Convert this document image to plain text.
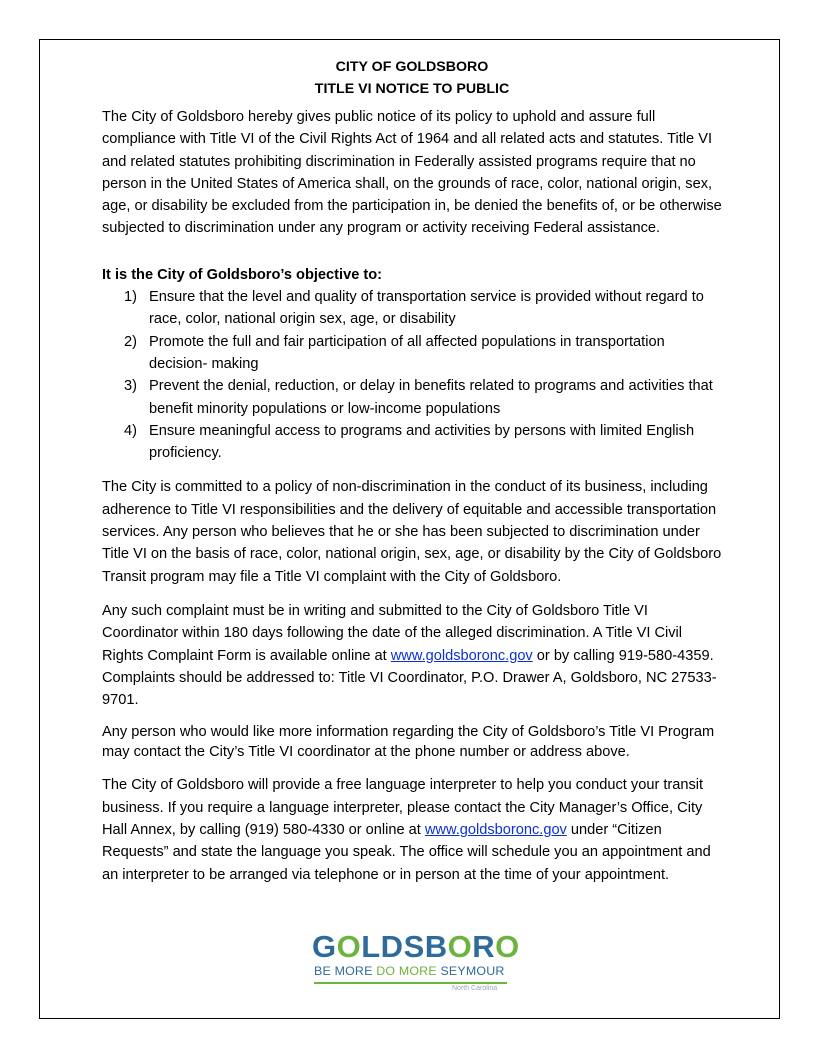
CITY OF GOLDSBORO

TITLE VI NOTICE TO PUBLIC

The City of Goldsboro hereby gives public notice of its policy to uphold and assure full compliance with Title VI of the Civil Rights Act of 1964 and all related acts and statutes. Title VI and related statutes prohibiting discrimination in Federally assisted programs require that no person in the United States of America shall, on the grounds of race, color, national origin, sex, age, or disability be excluded from the participation in, be denied the benefits of, or be otherwise subjected to discrimination under any program or activity receiving Federal assistance.

It is the City of Goldsboro’s objective to:

1) Ensure that the level and quality of transportation service is provided without regard to race, color, national origin sex, age, or disability
2) Promote the full and fair participation of all affected populations in transportation decision- making
3) Prevent the denial, reduction, or delay in benefits related to programs and activities that benefit minority populations or low-income populations
4) Ensure meaningful access to programs and activities by persons with limited English proficiency.

The City is committed to a policy of non-discrimination in the conduct of its business, including adherence to Title VI responsibilities and the delivery of equitable and accessible transportation services. Any person who believes that he or she has been subjected to discrimination under Title VI on the basis of race, color, national origin, sex, age, or disability by the City of Goldsboro Transit program may file a Title VI complaint with the City of Goldsboro.

Any such complaint must be in writing and submitted to the City of Goldsboro Title VI Coordinator within 180 days following the date of the alleged discrimination. A Title VI Civil Rights Complaint Form is available online at www.goldsboronc.gov or by calling 919-580-4359. Complaints should be addressed to: Title VI Coordinator, P.O. Drawer A, Goldsboro, NC 27533-9701.

Any person who would like more information regarding the City of Goldsboro’s Title VI Program may contact the City’s Title VI coordinator at the phone number or address above.

The City of Goldsboro will provide a free language interpreter to help you conduct your transit business. If you require a language interpreter, please contact the City Manager’s Office, City Hall Annex, by calling (919) 580-4330 or online at www.goldsboronc.gov under “Citizen Requests” and state the language you speak. The office will schedule you an appointment and an interpreter to be arranged via telephone or in person at the time of your appointment.

GOLDSBORO
BE MORE DO MORE SEYMOUR
North Carolina
